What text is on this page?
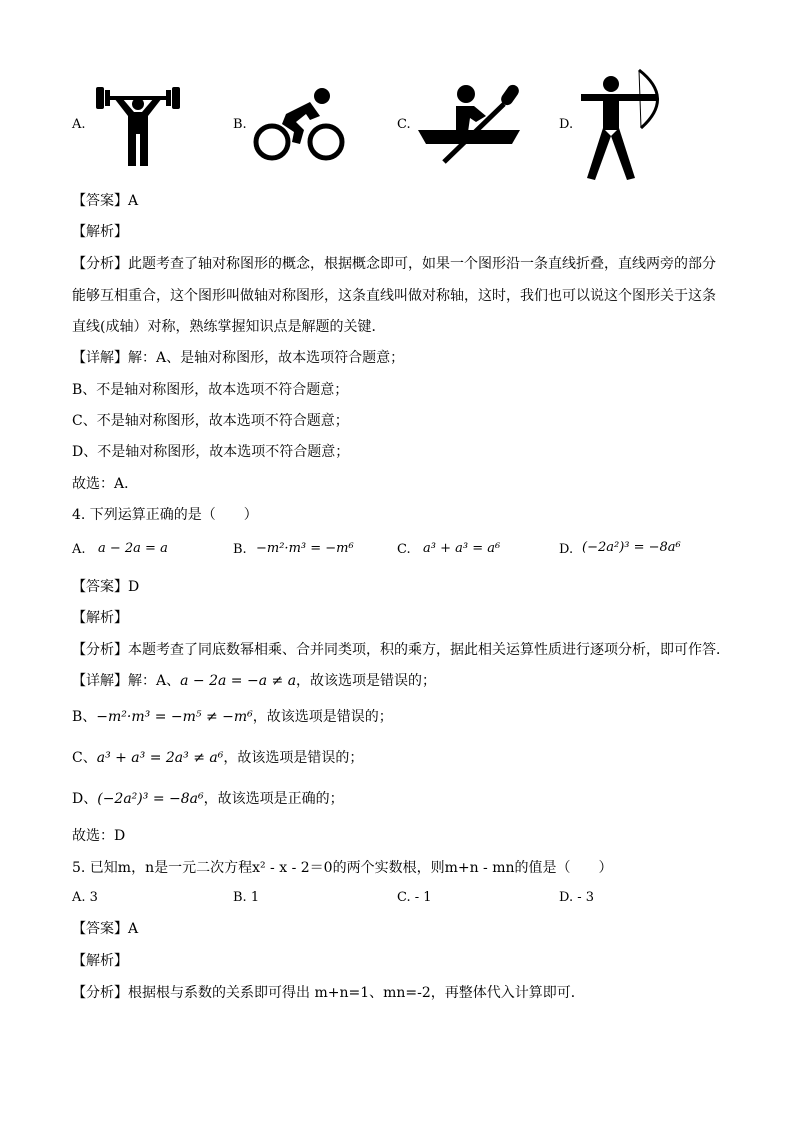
A.	B.	C.	D.
【答案】A
【解析】
【分析】此题考查了轴对称图形的概念，根据概念即可，如果一个图形沿一条直线折叠，直线两旁的部分
能够互相重合，这个图形叫做轴对称图形，这条直线叫做对称轴，这时，我们也可以说这个图形关于这条
直线(成轴）对称，熟练掌握知识点是解题的关键．
【详解】解：A、是轴对称图形，故本选项符合题意；
B、不是轴对称图形，故本选项不符合题意；
C、不是轴对称图形，故本选项不符合题意；
D、不是轴对称图形，故本选项不符合题意；
故选：A．
4. 下列运算正确的是（　　）
A. a − 2a = a	B. −m²·m³ = −m⁶	C. a³ + a³ = a⁶	D. (−2a²)³ = −8a⁶
【答案】D
【解析】
【分析】本题考查了同底数幂相乘、合并同类项，积的乘方，据此相关运算性质进行逐项分析，即可作答．
【详解】解：A、a − 2a = −a ≠ a，故该选项是错误的；
B、−m²·m³ = −m⁵ ≠ −m⁶，故该选项是错误的；
C、a³ + a³ = 2a³ ≠ a⁶，故该选项是错误的；
D、(−2a²)³ = −8a⁶，故该选项是正确的；
故选：D
5. 已知m，n是一元二次方程x² - x - 2＝0的两个实数根，则m+n - mn的值是（　　）
A. 3	B. 1	C. - 1	D. - 3
【答案】A
【解析】
【分析】根据根与系数的关系即可得出 m+n=1、mn=-2，再整体代入计算即可．
